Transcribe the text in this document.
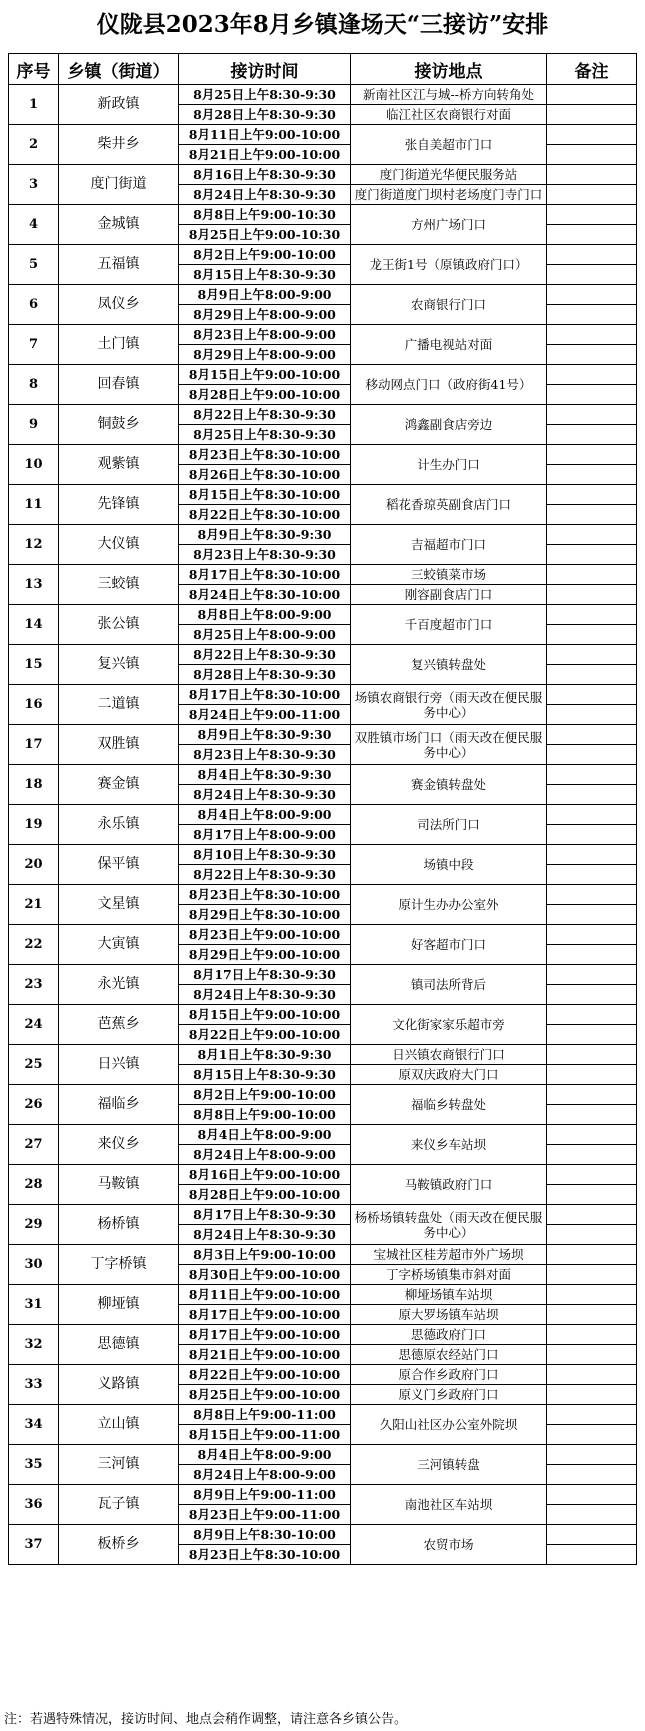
仪陇县2023年8月乡镇逢场天“三接访”安排
序号	乡镇（街道）	接访时间	接访地点	备注
1	新政镇	8月25日上午8:30-9:30	新南社区江与城--桥方向转角处	
		8月28日上午8:30-9:30	临江社区农商银行对面	
2	柴井乡	8月11日上午9:00-10:00	张自美超市门口	
		8月21日上午9:00-10:00		
3	度门街道	8月16日上午8:30-9:30	度门街道光华便民服务站	
		8月24日上午8:30-9:30	度门街道度门坝村老场度门寺门口	
4	金城镇	8月8日上午9:00-10:30	方州广场门口	
		8月25日上午9:00-10:30		
5	五福镇	8月2日上午9:00-10:00	龙王街1号（原镇政府门口）	
		8月15日上午8:30-9:30		
6	凤仪乡	8月9日上午8:00-9:00	农商银行门口	
		8月29日上午8:00-9:00		
7	土门镇	8月23日上午8:00-9:00	广播电视站对面	
		8月29日上午8:00-9:00		
8	回春镇	8月15日上午9:00-10:00	移动网点门口（政府街41号）	
		8月28日上午9:00-10:00		
9	铜鼓乡	8月22日上午8:30-9:30	鸿鑫副食店旁边	
		8月25日上午8:30-9:30		
10	观紫镇	8月23日上午8:30-10:00	计生办门口	
		8月26日上午8:30-10:00		
11	先锋镇	8月15日上午8:30-10:00	稻花香琼英副食店门口	
		8月22日上午8:30-10:00		
12	大仪镇	8月9日上午8:30-9:30	吉福超市门口	
		8月23日上午8:30-9:30		
13	三蛟镇	8月17日上午8:30-10:00	三蛟镇菜市场	
		8月24日上午8:30-10:00	刚容副食店门口	
14	张公镇	8月8日上午8:00-9:00	千百度超市门口	
		8月25日上午8:00-9:00		
15	复兴镇	8月22日上午8:30-9:30	复兴镇转盘处	
		8月28日上午8:30-9:30		
16	二道镇	8月17日上午8:30-10:00	场镇农商银行旁（雨天改在便民服务中心）	
		8月24日上午9:00-11:00		
17	双胜镇	8月9日上午8:30-9:30	双胜镇市场门口（雨天改在便民服务中心）	
		8月23日上午8:30-9:30		
18	赛金镇	8月4日上午8:30-9:30	赛金镇转盘处	
		8月24日上午8:30-9:30		
19	永乐镇	8月4日上午8:00-9:00	司法所门口	
		8月17日上午8:00-9:00		
20	保平镇	8月10日上午8:30-9:30	场镇中段	
		8月22日上午8:30-9:30		
21	文星镇	8月23日上午8:30-10:00	原计生办办公室外	
		8月29日上午8:30-10:00		
22	大寅镇	8月23日上午9:00-10:00	好客超市门口	
		8月29日上午9:00-10:00		
23	永光镇	8月17日上午8:30-9:30	镇司法所背后	
		8月24日上午8:30-9:30		
24	芭蕉乡	8月15日上午9:00-10:00	文化街家家乐超市旁	
		8月22日上午9:00-10:00		
25	日兴镇	8月1日上午8:30-9:30	日兴镇农商银行门口	
		8月15日上午8:30-9:30	原双庆政府大门口	
26	福临乡	8月2日上午9:00-10:00	福临乡转盘处	
		8月8日上午9:00-10:00		
27	来仪乡	8月4日上午8:00-9:00	来仪乡车站坝	
		8月24日上午8:00-9:00		
28	马鞍镇	8月16日上午9:00-10:00	马鞍镇政府门口	
		8月28日上午9:00-10:00		
29	杨桥镇	8月17日上午8:30-9:30	杨桥场镇转盘处（雨天改在便民服务中心）	
		8月24日上午8:30-9:30		
30	丁字桥镇	8月3日上午9:00-10:00	宝城社区桂芳超市外广场坝	
		8月30日上午9:00-10:00	丁字桥场镇集市斜对面	
31	柳垭镇	8月11日上午9:00-10:00	柳垭场镇车站坝	
		8月17日上午9:00-10:00	原大罗场镇车站坝	
32	思德镇	8月17日上午9:00-10:00	思德政府门口	
		8月21日上午9:00-10:00	思德原农经站门口	
33	义路镇	8月22日上午9:00-10:00	原合作乡政府门口	
		8月25日上午9:00-10:00	原义门乡政府门口	
34	立山镇	8月8日上午9:00-11:00	久阳山社区办公室外院坝	
		8月15日上午9:00-11:00		
35	三河镇	8月4日上午8:00-9:00	三河镇转盘	
		8月24日上午8:00-9:00		
36	瓦子镇	8月9日上午9:00-11:00	南池社区车站坝	
		8月23日上午9:00-11:00		
37	板桥乡	8月9日上午8:30-10:00	农贸市场	
		8月23日上午8:30-10:00		
注：若遇特殊情况，接访时间、地点会稍作调整，请注意各乡镇公告。
